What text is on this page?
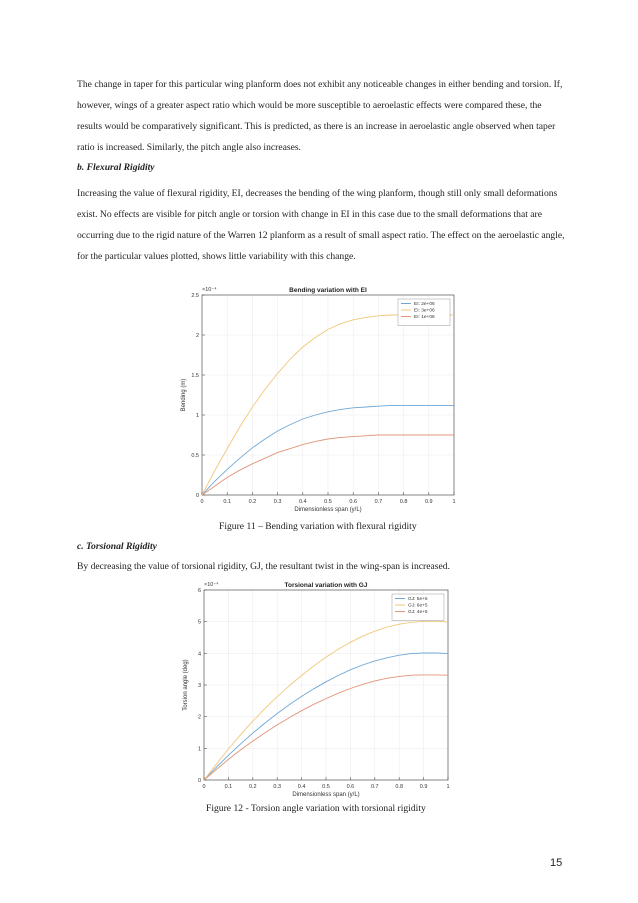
The change in taper for this particular wing planform does not exhibit any noticeable changes in either bending and torsion. If, however, wings of a greater aspect ratio which would be more susceptible to aeroelastic effects were compared these, the results would be comparatively significant. This is predicted, as there is an increase in aeroelastic angle observed when taper ratio is increased. Similarly, the pitch angle also increases.

b. Flexural Rigidity

Increasing the value of flexural rigidity, EI, decreases the bending of the wing planform, though still only small deformations exist. No effects are visible for pitch angle or torsion with change in EI in this case due to the small deformations that are occurring due to the rigid nature of the Warren 12 planform as a result of small aspect ratio. The effect on the aeroelastic angle, for the particular values plotted, shows little variability with this change.

0	0.1	0.2	0.3	0.4	0.5	0.6	0.7	0.8	0.9	1
0
0.5
1
1.5
2
2.5
×10⁻⁴	Bending variation with EI
Dimensionless span (y/L)
Bending (m)
EI: 2e+06
EI: 3e+06
EI: 1e+06

Figure 11 – Bending variation with flexural rigidity

c. Torsional Rigidity

By decreasing the value of torsional rigidity, GJ, the resultant twist in the wing-span is increased.

0	0.1	0.2	0.3	0.4	0.5	0.6	0.7	0.8	0.9	1
0
1
2
3
4
5
6
×10⁻⁴	Torsional variation with GJ
Dimensionless span (y/L)
Torsion angle (deg)
GJ: 5e+5
GJ: 6e+5
GJ: 4e+5

Figure 12 - Torsion angle variation with torsional rigidity

15
